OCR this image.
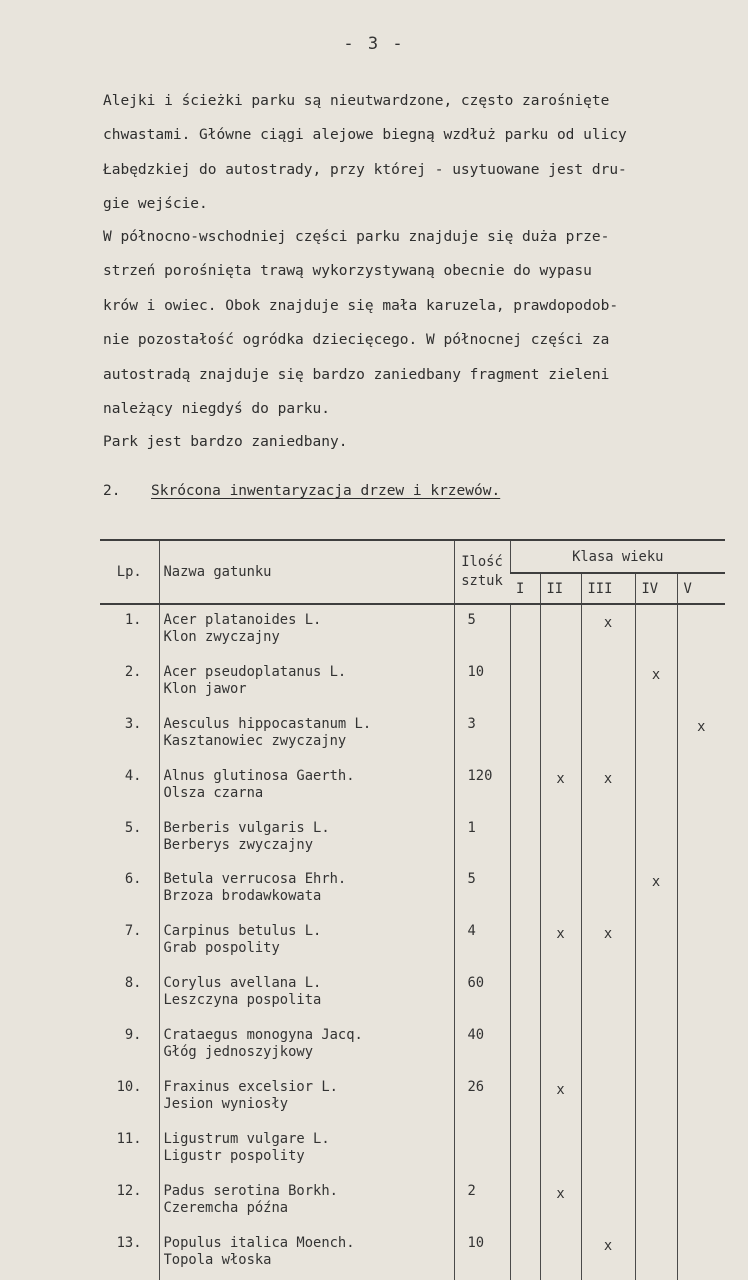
- 3 -

Alejki i ścieżki parku są nieutwardzone, często zarośnięte
chwastami. Główne ciągi alejowe biegną wzdłuż parku od ulicy
Łabędzkiej do autostrady, przy której - usytuowane jest dru-
gie wejście.

W północno-wschodniej części parku znajduje się duża prze-
strzeń porośnięta trawą wykorzystywaną obecnie do wypasu
krów i owiec. Obok znajduje się mała karuzela, prawdopodob-
nie pozostałość ogródka dziecięcego. W północnej części za
autostradą znajduje się bardzo zaniedbany fragment zieleni
należący niegdyś do parku.

Park jest bardzo zaniedbany.

2. Skrócona inwentaryzacja drzew i krzewów.
Lp.	Nazwa gatunku	Ilość
sztuk	Klasa wieku				
			I	II	III	IV	V
1.	Acer platanoides L.
Klon zwyczajny	5			x		
2.	Acer pseudoplatanus L.
Klon jawor	10				x	
3.	Aesculus hippocastanum L.
Kasztanowiec zwyczajny	3					x
4.	Alnus glutinosa Gaerth.
Olsza czarna	120		x	x		
5.	Berberis vulgaris L.
Berberys zwyczajny	1					
6.	Betula verrucosa Ehrh.
Brzoza brodawkowata	5				x	
7.	Carpinus betulus L.
Grab pospolity	4		x	x		
8.	Corylus avellana L.
Leszczyna pospolita	60					
9.	Crataegus monogyna Jacq.
Głóg jednoszyjkowy	40					
10.	Fraxinus excelsior L.
Jesion wyniosły	26		x			
11.	Ligustrum vulgare L.
Ligustr pospolity						

12.	Padus serotina Borkh.
Czeremcha późna	2		x			
13.	Populus italica Moench.
Topola włoska	10			x		
